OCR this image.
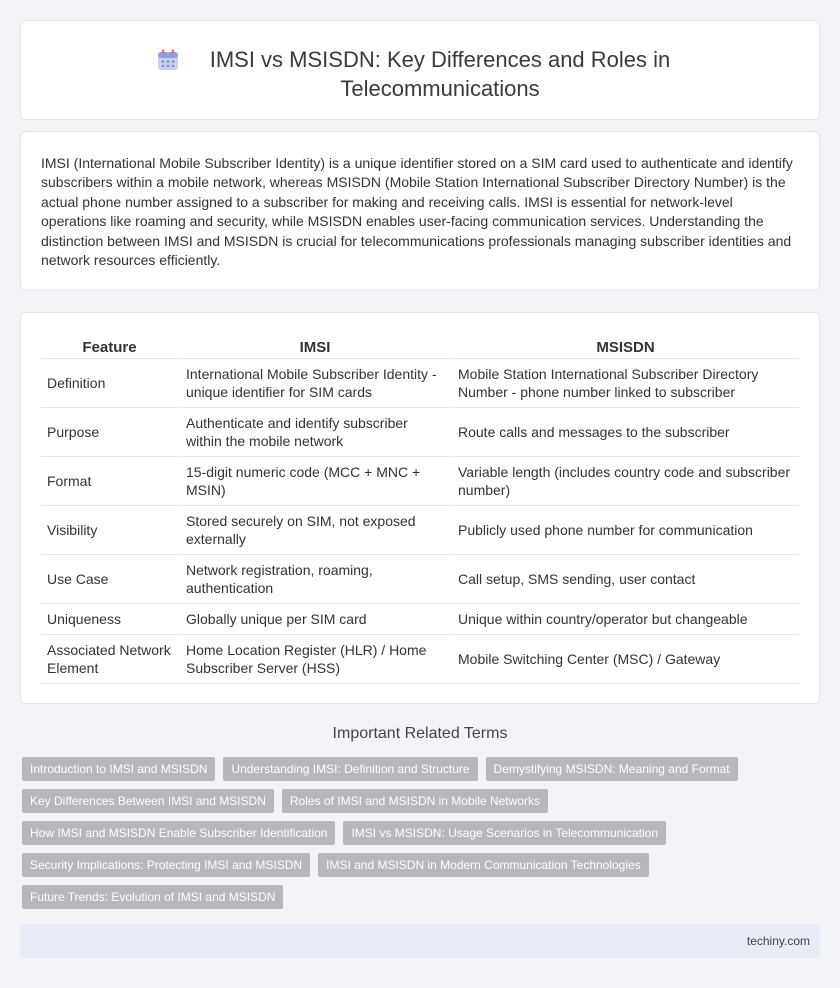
IMSI vs MSISDN: Key Differences and Roles in Telecommunications

IMSI (International Mobile Subscriber Identity) is a unique identifier stored on a SIM card used to authenticate and identify subscribers within a mobile network, whereas MSISDN (Mobile Station International Subscriber Directory Number) is the actual phone number assigned to a subscriber for making and receiving calls. IMSI is essential for network-level operations like roaming and security, while MSISDN enables user-facing communication services. Understanding the distinction between IMSI and MSISDN is crucial for telecommunications professionals managing subscriber identities and network resources efficiently.

Feature	IMSI	MSISDN
Definition	International Mobile Subscriber Identity - unique identifier for SIM cards	Mobile Station International Subscriber Directory Number - phone number linked to subscriber
Purpose	Authenticate and identify subscriber within the mobile network	Route calls and messages to the subscriber
Format	15-digit numeric code (MCC + MNC + MSIN)	Variable length (includes country code and subscriber number)
Visibility	Stored securely on SIM, not exposed externally	Publicly used phone number for communication
Use Case	Network registration, roaming, authentication	Call setup, SMS sending, user contact
Uniqueness	Globally unique per SIM card	Unique within country/operator but changeable
Associated Network Element	Home Location Register (HLR) / Home Subscriber Server (HSS)	Mobile Switching Center (MSC) / Gateway
Important Related Terms
Introduction to IMSI and MSISDN	Understanding IMSI: Definition and Structure	Demystifying MSISDN: Meaning and Format
Key Differences Between IMSI and MSISDN	Roles of IMSI and MSISDN in Mobile Networks
How IMSI and MSISDN Enable Subscriber Identification	IMSI vs MSISDN: Usage Scenarios in Telecommunication
Security Implications: Protecting IMSI and MSISDN	IMSI and MSISDN in Modern Communication Technologies
Future Trends: Evolution of IMSI and MSISDN
techiny.com
